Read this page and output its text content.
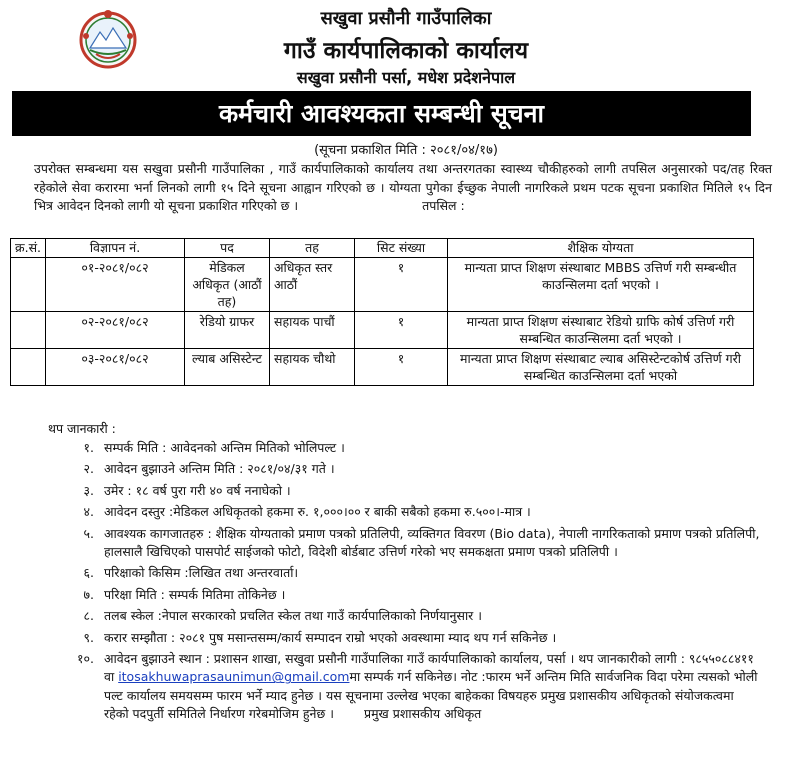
सखुवा प्रसौनी गाउँपालिका
गाउँ कार्यपालिकाको कार्यालय
सखुवा प्रसौनी पर्सा, मधेश प्रदेशनेपाल
कर्मचारी आवश्यकता सम्बन्धी सूचना
(सूचना प्रकाशित मिति : २०८१/०४/१७)
उपरोक्त सम्बन्धमा यस सखुवा प्रसौनी गाउँपालिका , गाउँ कार्यपालिकाको कार्यालय तथा अन्तरगतका स्वास्थ्य चौकीहरुको लागी तपसिल अनुसारको पद/तह रिक्त रहेकोले सेवा करारमा भर्ना लिनको लागी १५ दिने सूचना आह्वान गरिएको छ । योग्यता पुगेका ईच्छुक नेपाली नागरिकले प्रथम पटक सूचना प्रकाशित मितिले १५ दिन भित्र आवेदन दिनको लागी यो सूचना प्रकाशित गरिएको छ ।	तपसिल :
क्र.सं.	विज्ञापन नं.	पद	तह	सिट संख्या	शैक्षिक योग्यता
	०१-२०८१/०८२	मेडिकल अधिकृत (आठौं तह)	अधिकृत स्तर आठौं	१	मान्यता प्राप्त शिक्षण संस्थाबाट MBBS उत्तिर्ण गरी सम्बन्धीत काउन्सिलमा दर्ता भएको ।
	०२-२०८१/०८२	रेडियो ग्राफर	सहायक पाचौं	१	मान्यता प्राप्त शिक्षण संस्थाबाट रेडियो ग्राफि कोर्ष उत्तिर्ण गरी सम्बन्धित काउन्सिलमा दर्ता भएको ।
	०३-२०८१/०८२	ल्याब असिस्टेन्ट	सहायक चौथो	१	मान्यता प्राप्त शिक्षण संस्थाबाट ल्याब असिस्टेन्टकोर्ष उत्तिर्ण गरी सम्बन्धित काउन्सिलमा दर्ता भएको
थप जानकारी :
१. सम्पर्क मिति : आवेदनको अन्तिम मितिको भोलिपल्ट ।
२. आवेदन बुझाउने अन्तिम मिति : २०८१/०४/३१ गते ।
३. उमेर : १८ वर्ष पुरा गरी ४० वर्ष ननाघेको ।
४. आवेदन दस्तुर :मेडिकल अधिकृतको हकमा रु. १,०००।०० र बाकी सबैको हकमा रु.५००।-मात्र ।
५. आवश्यक कागजातहरु : शैक्षिक योग्यताको प्रमाण पत्रको प्रतिलिपी, व्यक्तिगत विवरण (Bio data), नेपाली नागरिकताको प्रमाण पत्रको प्रतिलिपी, हालसालै खिचिएको पासपोर्ट साईजको फोटो, विदेशी बोर्डबाट उत्तिर्ण गरेको भए समकक्षता प्रमाण पत्रको प्रतिलिपी ।
६. परिक्षाको किसिम :लिखित तथा अन्तरवार्ता।
७. परिक्षा मिति : सम्पर्क मितिमा तोकिनेछ ।
८. तलब स्केल :नेपाल सरकारको प्रचलित स्केल तथा गाउँ कार्यपालिकाको निर्णयानुसार ।
९. करार सम्झौता : २०८१ पुष मसान्तसम्म/कार्य सम्पादन राम्रो भएको अवस्थामा म्याद थप गर्न सकिनेछ ।
१०. आवेदन बुझाउने स्थान : प्रशासन शाखा, सखुवा प्रसौनी गाउँपालिका गाउँ कार्यपालिकाको कार्यालय, पर्सा । थप जानकारीको लागी : ९८५५०८८४११ वा itosakhuwaprasaunimun@gmail.comमा सम्पर्क गर्न सकिनेछ। नोट :फारम भर्ने अन्तिम मिति सार्वजनिक विदा परेमा त्यसको भोली पल्ट कार्यालय समयसम्म फारम भर्ने म्याद हुनेछ । यस सूचनामा उल्लेख भएका बाहेकका विषयहरु प्रमुख प्रशासकीय अधिकृतको संयोजकत्वमा रहेको पदपुर्ती समितिले निर्धारण गरेबमोजिम हुनेछ । प्रमुख प्रशासकीय अधिकृत
